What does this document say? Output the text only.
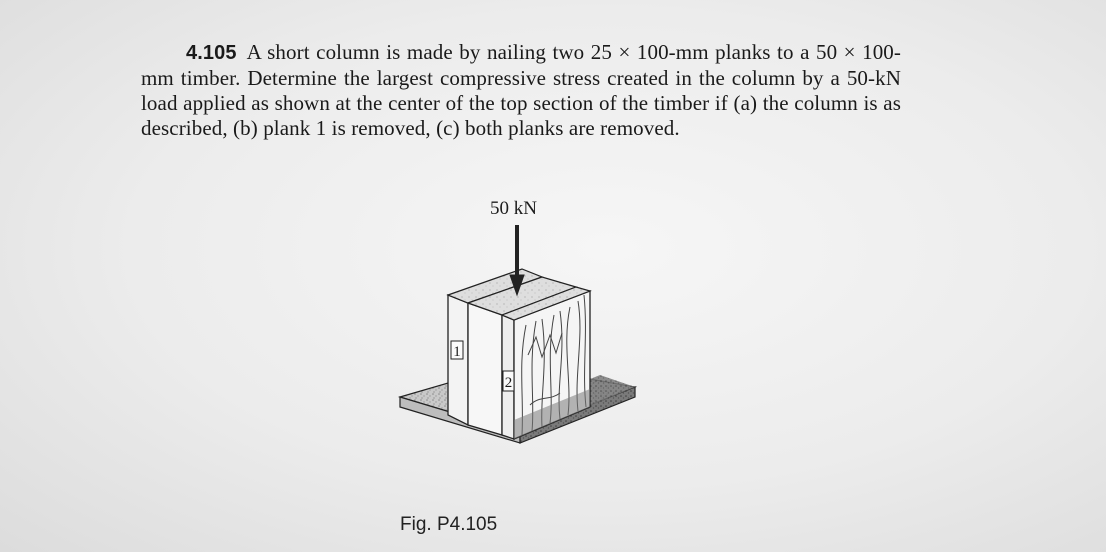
4.105 A short column is made by nailing two 25 × 100-mm planks to a 50 × 100-mm timber. Determine the largest compressive stress created in the column by a 50-kN load applied as shown at the center of the top section of the timber if (a) the column is as described, (b) plank 1 is removed, (c) both planks are removed.

50 kN
1
2
Fig. P4.105
